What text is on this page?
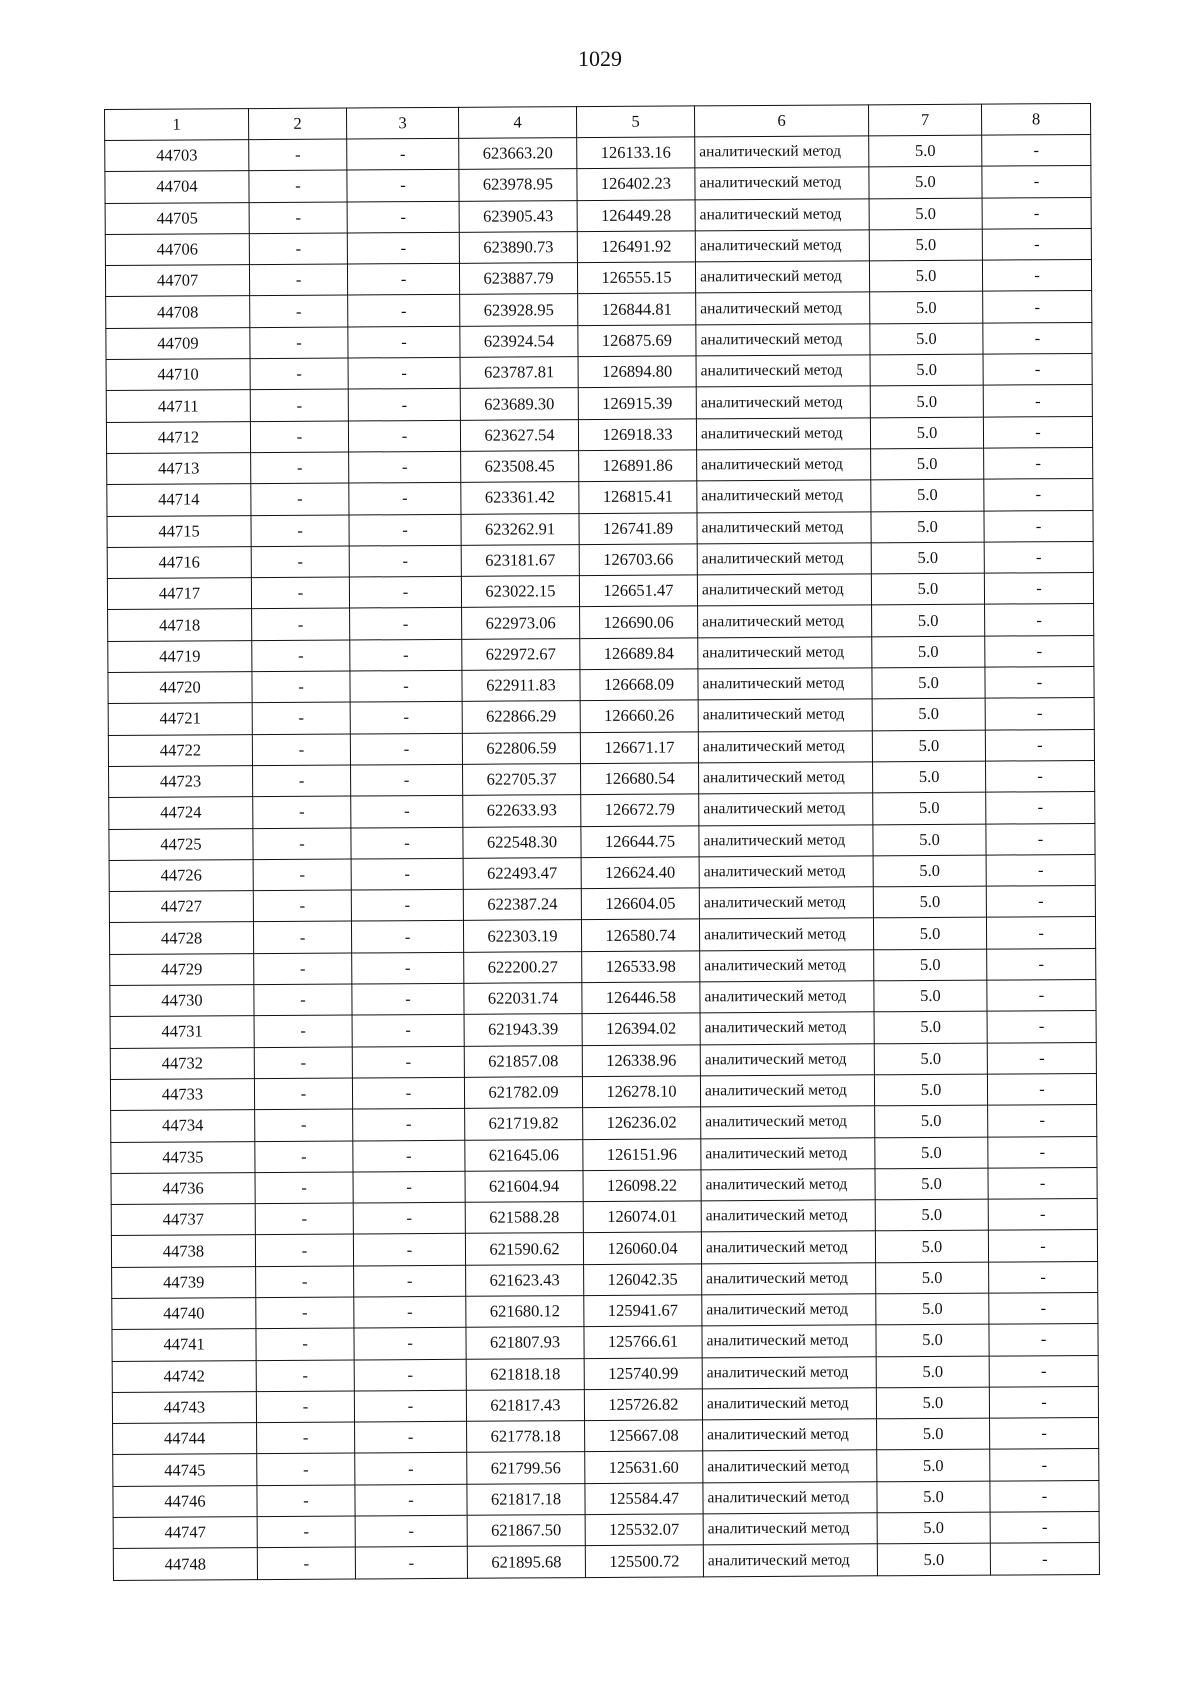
1029
1	2	3	4	5	6	7	8
44703	-	-	623663.20	126133.16	аналитический метод	5.0	-
44704	-	-	623978.95	126402.23	аналитический метод	5.0	-
44705	-	-	623905.43	126449.28	аналитический метод	5.0	-
44706	-	-	623890.73	126491.92	аналитический метод	5.0	-
44707	-	-	623887.79	126555.15	аналитический метод	5.0	-
44708	-	-	623928.95	126844.81	аналитический метод	5.0	-
44709	-	-	623924.54	126875.69	аналитический метод	5.0	-
44710	-	-	623787.81	126894.80	аналитический метод	5.0	-
44711	-	-	623689.30	126915.39	аналитический метод	5.0	-
44712	-	-	623627.54	126918.33	аналитический метод	5.0	-
44713	-	-	623508.45	126891.86	аналитический метод	5.0	-
44714	-	-	623361.42	126815.41	аналитический метод	5.0	-
44715	-	-	623262.91	126741.89	аналитический метод	5.0	-
44716	-	-	623181.67	126703.66	аналитический метод	5.0	-
44717	-	-	623022.15	126651.47	аналитический метод	5.0	-
44718	-	-	622973.06	126690.06	аналитический метод	5.0	-
44719	-	-	622972.67	126689.84	аналитический метод	5.0	-
44720	-	-	622911.83	126668.09	аналитический метод	5.0	-
44721	-	-	622866.29	126660.26	аналитический метод	5.0	-
44722	-	-	622806.59	126671.17	аналитический метод	5.0	-
44723	-	-	622705.37	126680.54	аналитический метод	5.0	-
44724	-	-	622633.93	126672.79	аналитический метод	5.0	-
44725	-	-	622548.30	126644.75	аналитический метод	5.0	-
44726	-	-	622493.47	126624.40	аналитический метод	5.0	-
44727	-	-	622387.24	126604.05	аналитический метод	5.0	-
44728	-	-	622303.19	126580.74	аналитический метод	5.0	-
44729	-	-	622200.27	126533.98	аналитический метод	5.0	-
44730	-	-	622031.74	126446.58	аналитический метод	5.0	-
44731	-	-	621943.39	126394.02	аналитический метод	5.0	-
44732	-	-	621857.08	126338.96	аналитический метод	5.0	-
44733	-	-	621782.09	126278.10	аналитический метод	5.0	-
44734	-	-	621719.82	126236.02	аналитический метод	5.0	-
44735	-	-	621645.06	126151.96	аналитический метод	5.0	-
44736	-	-	621604.94	126098.22	аналитический метод	5.0	-
44737	-	-	621588.28	126074.01	аналитический метод	5.0	-
44738	-	-	621590.62	126060.04	аналитический метод	5.0	-
44739	-	-	621623.43	126042.35	аналитический метод	5.0	-
44740	-	-	621680.12	125941.67	аналитический метод	5.0	-
44741	-	-	621807.93	125766.61	аналитический метод	5.0	-
44742	-	-	621818.18	125740.99	аналитический метод	5.0	-
44743	-	-	621817.43	125726.82	аналитический метод	5.0	-
44744	-	-	621778.18	125667.08	аналитический метод	5.0	-
44745	-	-	621799.56	125631.60	аналитический метод	5.0	-
44746	-	-	621817.18	125584.47	аналитический метод	5.0	-
44747	-	-	621867.50	125532.07	аналитический метод	5.0	-
44748	-	-	621895.68	125500.72	аналитический метод	5.0	-
